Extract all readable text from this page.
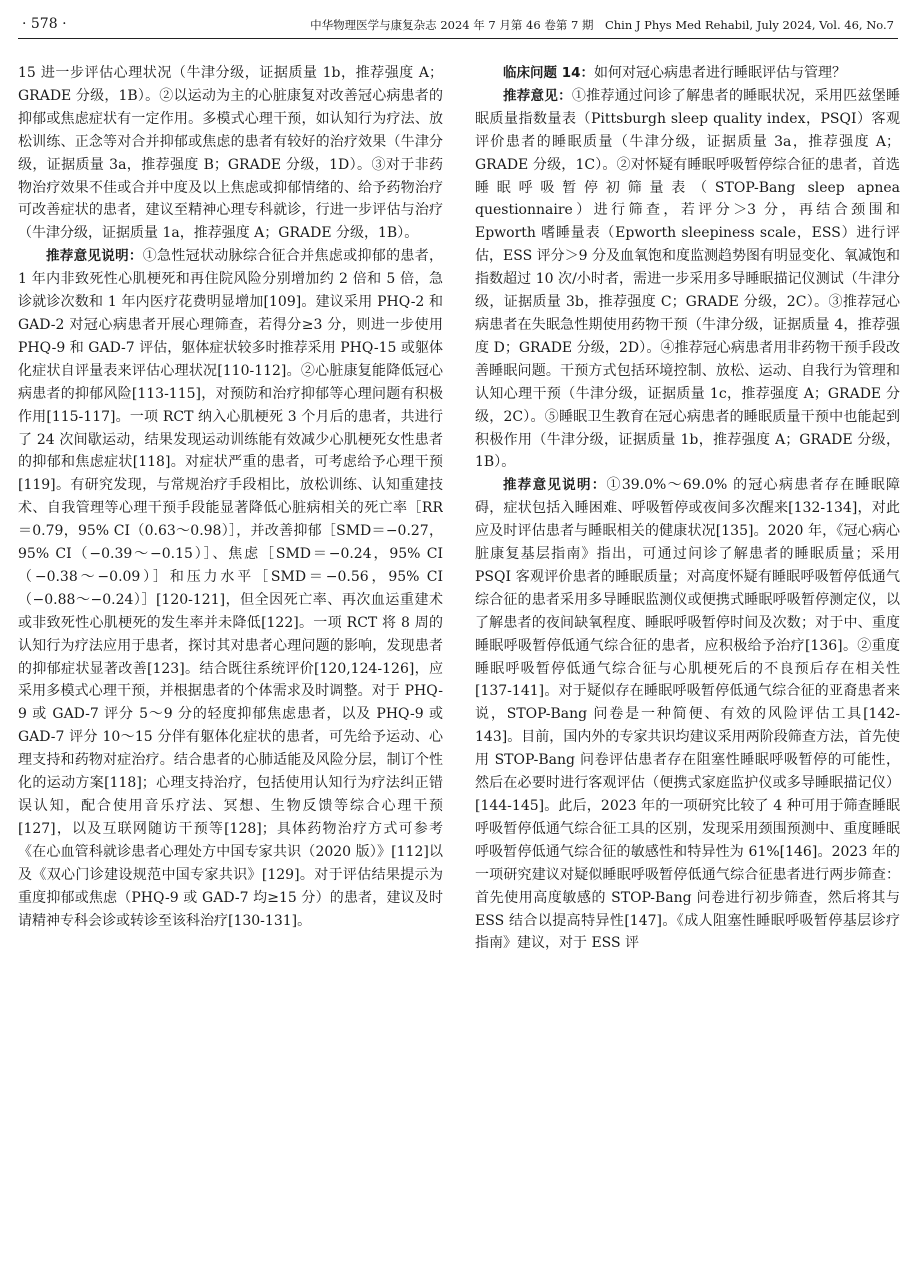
· 578 ·	中华物理医学与康复杂志 2024 年 7 月第 46 卷第 7 期　Chin J Phys Med Rehabil, July 2024, Vol. 46, No.7

15 进一步评估心理状况（牛津分级，证据质量 1b，推荐强度 A；GRADE 分级，1B）。②以运动为主的心脏康复对改善冠心病患者的抑郁或焦虑症状有一定作用。多模式心理干预，如认知行为疗法、放松训练、正念等对合并抑郁或焦虑的患者有较好的治疗效果（牛津分级，证据质量 3a，推荐强度 B；GRADE 分级，1D）。③对于非药物治疗效果不佳或合并中度及以上焦虑或抑郁情绪的、给予药物治疗可改善症状的患者，建议至精神心理专科就诊，行进一步评估与治疗（牛津分级，证据质量 1a，推荐强度 A；GRADE 分级，1B）。

推荐意见说明：①急性冠状动脉综合征合并焦虑或抑郁的患者，1 年内非致死性心肌梗死和再住院风险分别增加约 2 倍和 5 倍，急诊就诊次数和 1 年内医疗花费明显增加[109]。建议采用 PHQ-2 和 GAD-2 对冠心病患者开展心理筛查，若得分≥3 分，则进一步使用 PHQ-9 和 GAD-7 评估，躯体症状较多时推荐采用 PHQ-15 或躯体化症状自评量表来评估心理状况[110-112]。②心脏康复能降低冠心病患者的抑郁风险[113-115]，对预防和治疗抑郁等心理问题有积极作用[115-117]。一项 RCT 纳入心肌梗死 3 个月后的患者，共进行了 24 次间歇运动，结果发现运动训练能有效减少心肌梗死女性患者的抑郁和焦虑症状[118]。对症状严重的患者，可考虑给予心理干预[119]。有研究发现，与常规治疗手段相比，放松训练、认知重建技术、自我管理等心理干预手段能显著降低心脏病相关的死亡率［RR＝0.79，95% CI（0.63～0.98）］，并改善抑郁［SMD＝−0.27，95% CI（−0.39～−0.15）］、焦虑［SMD＝−0.24，95% CI（−0.38～−0.09）］和压力水平［SMD＝−0.56，95% CI（−0.88～−0.24）］[120-121]，但全因死亡率、再次血运重建术或非致死性心肌梗死的发生率并未降低[122]。一项 RCT 将 8 周的认知行为疗法应用于患者，探讨其对患者心理问题的影响，发现患者的抑郁症状显著改善[123]。结合既往系统评价[120,124-126]，应采用多模式心理干预，并根据患者的个体需求及时调整。对于 PHQ-9 或 GAD-7 评分 5～9 分的轻度抑郁焦虑患者，以及 PHQ-9 或 GAD-7 评分 10～15 分伴有躯体化症状的患者，可先给予运动、心理支持和药物对症治疗。结合患者的心肺适能及风险分层，制订个性化的运动方案[118]；心理支持治疗，包括使用认知行为疗法纠正错误认知，配合使用音乐疗法、冥想、生物反馈等综合心理干预[127]，以及互联网随访干预等[128]；具体药物治疗方式可参考《在心血管科就诊患者心理处方中国专家共识（2020 版）》[112]以及《双心门诊建设规范中国专家共识》[129]。对于评估结果提示为重度抑郁或焦虑（PHQ-9 或 GAD-7 均≥15 分）的患者，建议及时请精神专科会诊或转诊至该科治疗[130-131]。

临床问题 14：如何对冠心病患者进行睡眠评估与管理？

推荐意见：①推荐通过问诊了解患者的睡眠状况，采用匹兹堡睡眠质量指数量表（Pittsburgh sleep quality index，PSQI）客观评价患者的睡眠质量（牛津分级，证据质量 3a，推荐强度 A；GRADE 分级，1C）。②对怀疑有睡眠呼吸暂停综合征的患者，首选睡眠呼吸暂停初筛量表（STOP-Bang sleep apnea questionnaire）进行筛查，若评分＞3 分，再结合颈围和 Epworth 嗜睡量表（Epworth sleepiness scale，ESS）进行评估，ESS 评分＞9 分及血氧饱和度监测趋势图有明显变化、氧减饱和指数超过 10 次/小时者，需进一步采用多导睡眠描记仪测试（牛津分级，证据质量 3b，推荐强度 C；GRADE 分级，2C）。③推荐冠心病患者在失眠急性期使用药物干预（牛津分级，证据质量 4，推荐强度 D；GRADE 分级，2D）。④推荐冠心病患者用非药物干预手段改善睡眠问题。干预方式包括环境控制、放松、运动、自我行为管理和认知心理干预（牛津分级，证据质量 1c，推荐强度 A；GRADE 分级，2C）。⑤睡眠卫生教育在冠心病患者的睡眠质量干预中也能起到积极作用（牛津分级，证据质量 1b，推荐强度 A；GRADE 分级，1B）。

推荐意见说明：①39.0%～69.0% 的冠心病患者存在睡眠障碍，症状包括入睡困难、呼吸暂停或夜间多次醒来[132-134]，对此应及时评估患者与睡眠相关的健康状况[135]。2020 年，《冠心病心脏康复基层指南》指出，可通过问诊了解患者的睡眠质量；采用 PSQI 客观评价患者的睡眠质量；对高度怀疑有睡眠呼吸暂停低通气综合征的患者采用多导睡眠监测仪或便携式睡眠呼吸暂停测定仪，以了解患者的夜间缺氧程度、睡眠呼吸暂停时间及次数；对于中、重度睡眠呼吸暂停低通气综合征的患者，应积极给予治疗[136]。②重度睡眠呼吸暂停低通气综合征与心肌梗死后的不良预后存在相关性[137-141]。对于疑似存在睡眠呼吸暂停低通气综合征的亚裔患者来说，STOP-Bang 问卷是一种简便、有效的风险评估工具[142-143]。目前，国内外的专家共识均建议采用两阶段筛查方法，首先使用 STOP-Bang 问卷评估患者存在阻塞性睡眠呼吸暂停的可能性，然后在必要时进行客观评估（便携式家庭监护仪或多导睡眠描记仪）[144-145]。此后，2023 年的一项研究比较了 4 种可用于筛查睡眠呼吸暂停低通气综合征工具的区别，发现采用颈围预测中、重度睡眠呼吸暂停低通气综合征的敏感性和特异性为 61%[146]。2023 年的一项研究建议对疑似睡眠呼吸暂停低通气综合征患者进行两步筛查：首先使用高度敏感的 STOP-Bang 问卷进行初步筛查，然后将其与 ESS 结合以提高特异性[147]。《成人阻塞性睡眠呼吸暂停基层诊疗指南》建议，对于 ESS 评
